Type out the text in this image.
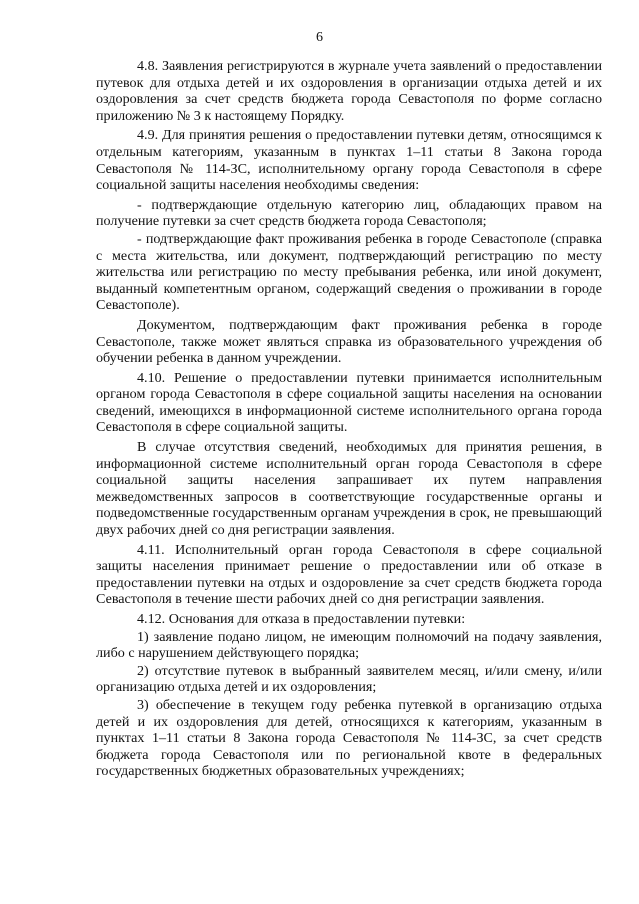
6

4.8. Заявления регистрируются в журнале учета заявлений о предоставлении путевок для отдыха детей и их оздоровления в организации отдыха детей и их оздоровления за счет средств бюджета города Севастополя по форме согласно приложению № 3 к настоящему Порядку.

4.9. Для принятия решения о предоставлении путевки детям, относящимся к отдельным категориям, указанным в пунктах 1–11 статьи 8 Закона города Севастополя № 114-ЗС, исполнительному органу города Севастополя в сфере социальной защиты населения необходимы сведения:

- подтверждающие отдельную категорию лиц, обладающих правом на получение путевки за счет средств бюджета города Севастополя;

- подтверждающие факт проживания ребенка в городе Севастополе (справка с места жительства, или документ, подтверждающий регистрацию по месту жительства или регистрацию по месту пребывания ребенка, или иной документ, выданный компетентным органом, содержащий сведения о проживании в городе Севастополе).

Документом, подтверждающим факт проживания ребенка в городе Севастополе, также может являться справка из образовательного учреждения об обучении ребенка в данном учреждении.

4.10. Решение о предоставлении путевки принимается исполнительным органом города Севастополя в сфере социальной защиты населения на основании сведений, имеющихся в информационной системе исполнительного органа города Севастополя в сфере социальной защиты.

В случае отсутствия сведений, необходимых для принятия решения, в информационной системе исполнительный орган города Севастополя в сфере социальной защиты населения запрашивает их путем направления межведомственных запросов в соответствующие государственные органы и подведомственные государственным органам учреждения в срок, не превышающий двух рабочих дней со дня регистрации заявления.

4.11. Исполнительный орган города Севастополя в сфере социальной защиты населения принимает решение о предоставлении или об отказе в предоставлении путевки на отдых и оздоровление за счет средств бюджета города Севастополя в течение шести рабочих дней со дня регистрации заявления.

4.12. Основания для отказа в предоставлении путевки:

1) заявление подано лицом, не имеющим полномочий на подачу заявления, либо с нарушением действующего порядка;

2) отсутствие путевок в выбранный заявителем месяц, и/или смену, и/или организацию отдыха детей и их оздоровления;

3) обеспечение в текущем году ребенка путевкой в организацию отдыха детей и их оздоровления для детей, относящихся к категориям, указанным в пунктах 1–11 статьи 8 Закона города Севастополя № 114-ЗС, за счет средств бюджета города Севастополя или по региональной квоте в федеральных государственных бюджетных образовательных учреждениях;
